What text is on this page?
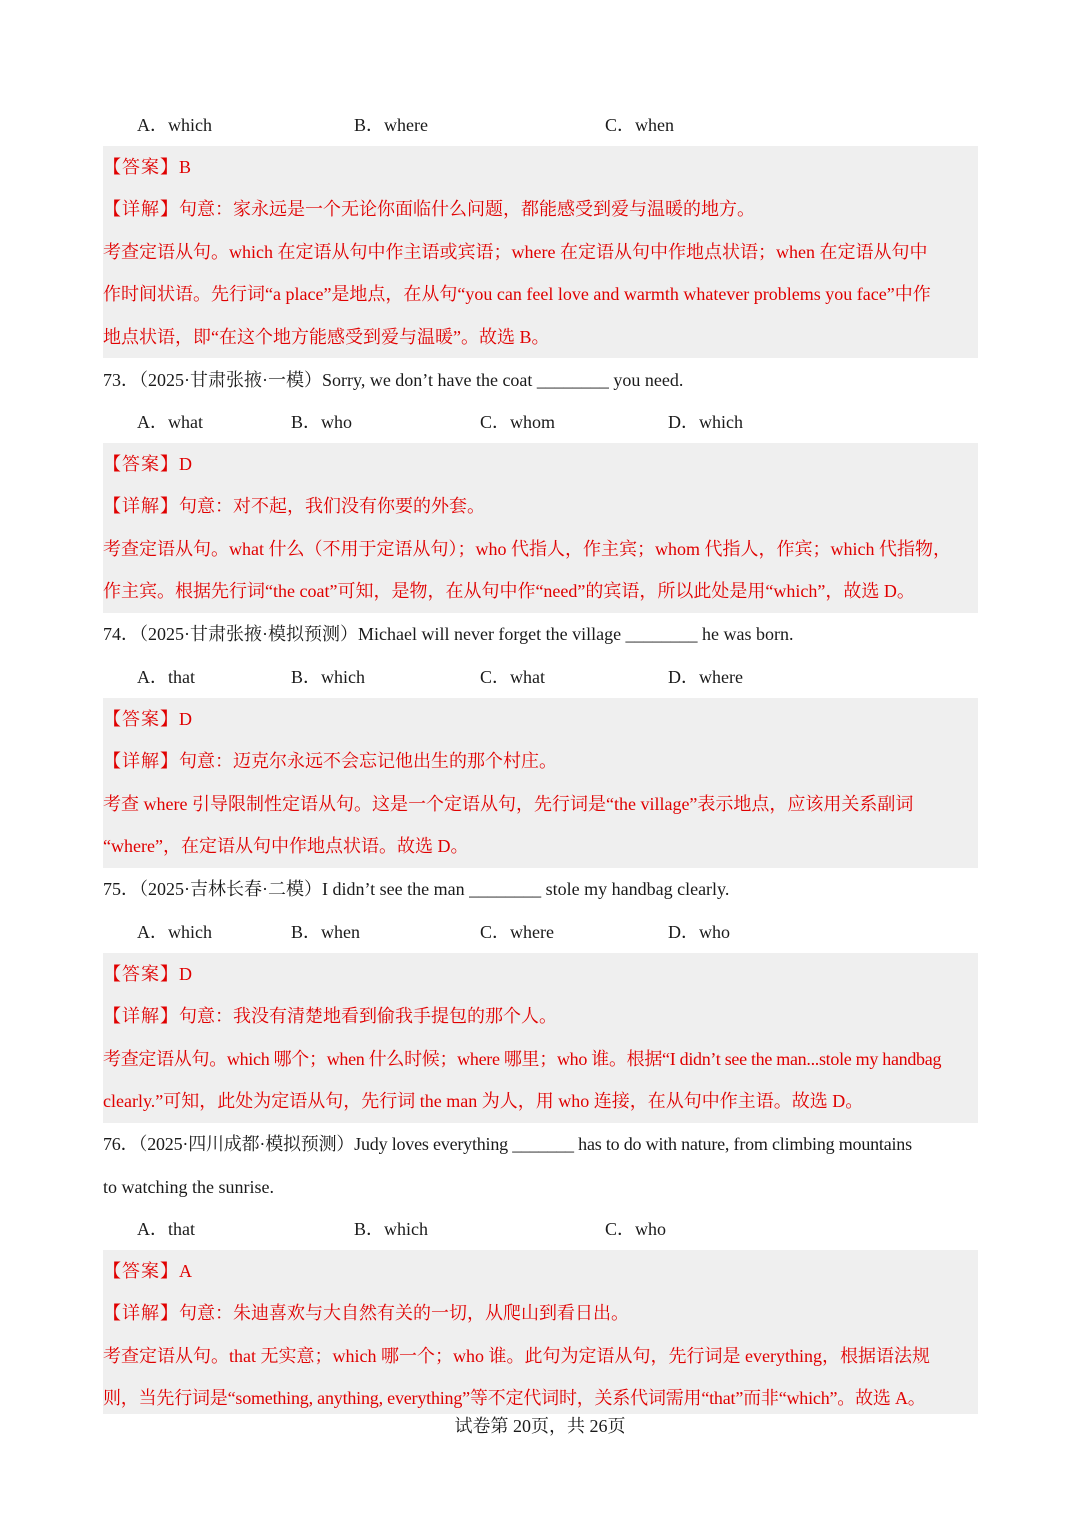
A．which	B．where	C．when
【答案】B
【详解】句意：家永远是一个无论你面临什么问题，都能感受到爱与温暖的地方。
考查定语从句。which 在定语从句中作主语或宾语；where 在定语从句中作地点状语；when 在定语从句中
作时间状语。先行词“a place”是地点，在从句“you can feel love and warmth whatever problems you face”中作
地点状语，即“在这个地方能感受到爱与温暖”。故选 B。
73．（2025·甘肃张掖·一模）Sorry, we don’t have the coat ________ you need.
A．what	B．who	C．whom	D．which
【答案】D
【详解】句意：对不起，我们没有你要的外套。
考查定语从句。what 什么（不用于定语从句）；who 代指人，作主宾；whom 代指人，作宾；which 代指物，
作主宾。根据先行词“the coat”可知，是物，在从句中作“need”的宾语，所以此处是用“which”，故选 D。
74．（2025·甘肃张掖·模拟预测）Michael will never forget the village ________ he was born.
A．that	B．which	C．what	D．where
【答案】D
【详解】句意：迈克尔永远不会忘记他出生的那个村庄。
考查 where 引导限制性定语从句。这是一个定语从句，先行词是“the village”表示地点，应该用关系副词
“where”，在定语从句中作地点状语。故选 D。
75．（2025·吉林长春·二模）I didn’t see the man ________ stole my handbag clearly.
A．which	B．when	C．where	D．who
【答案】D
【详解】句意：我没有清楚地看到偷我手提包的那个人。
考查定语从句。which 哪个；when 什么时候；where 哪里；who 谁。根据“I didn’t see the man...stole my handbag
clearly.”可知，此处为定语从句，先行词 the man 为人，用 who 连接，在从句中作主语。故选 D。
76．（2025·四川成都·模拟预测）Judy loves everything _______ has to do with nature, from climbing mountains
to watching the sunrise.
A．that	B．which	C．who
【答案】A
【详解】句意：朱迪喜欢与大自然有关的一切，从爬山到看日出。
考查定语从句。that 无实意；which 哪一个；who 谁。此句为定语从句，先行词是 everything，根据语法规
则，当先行词是“something, anything, everything”等不定代词时，关系代词需用“that”而非“which”。故选 A。
试卷第 20页，共 26页
